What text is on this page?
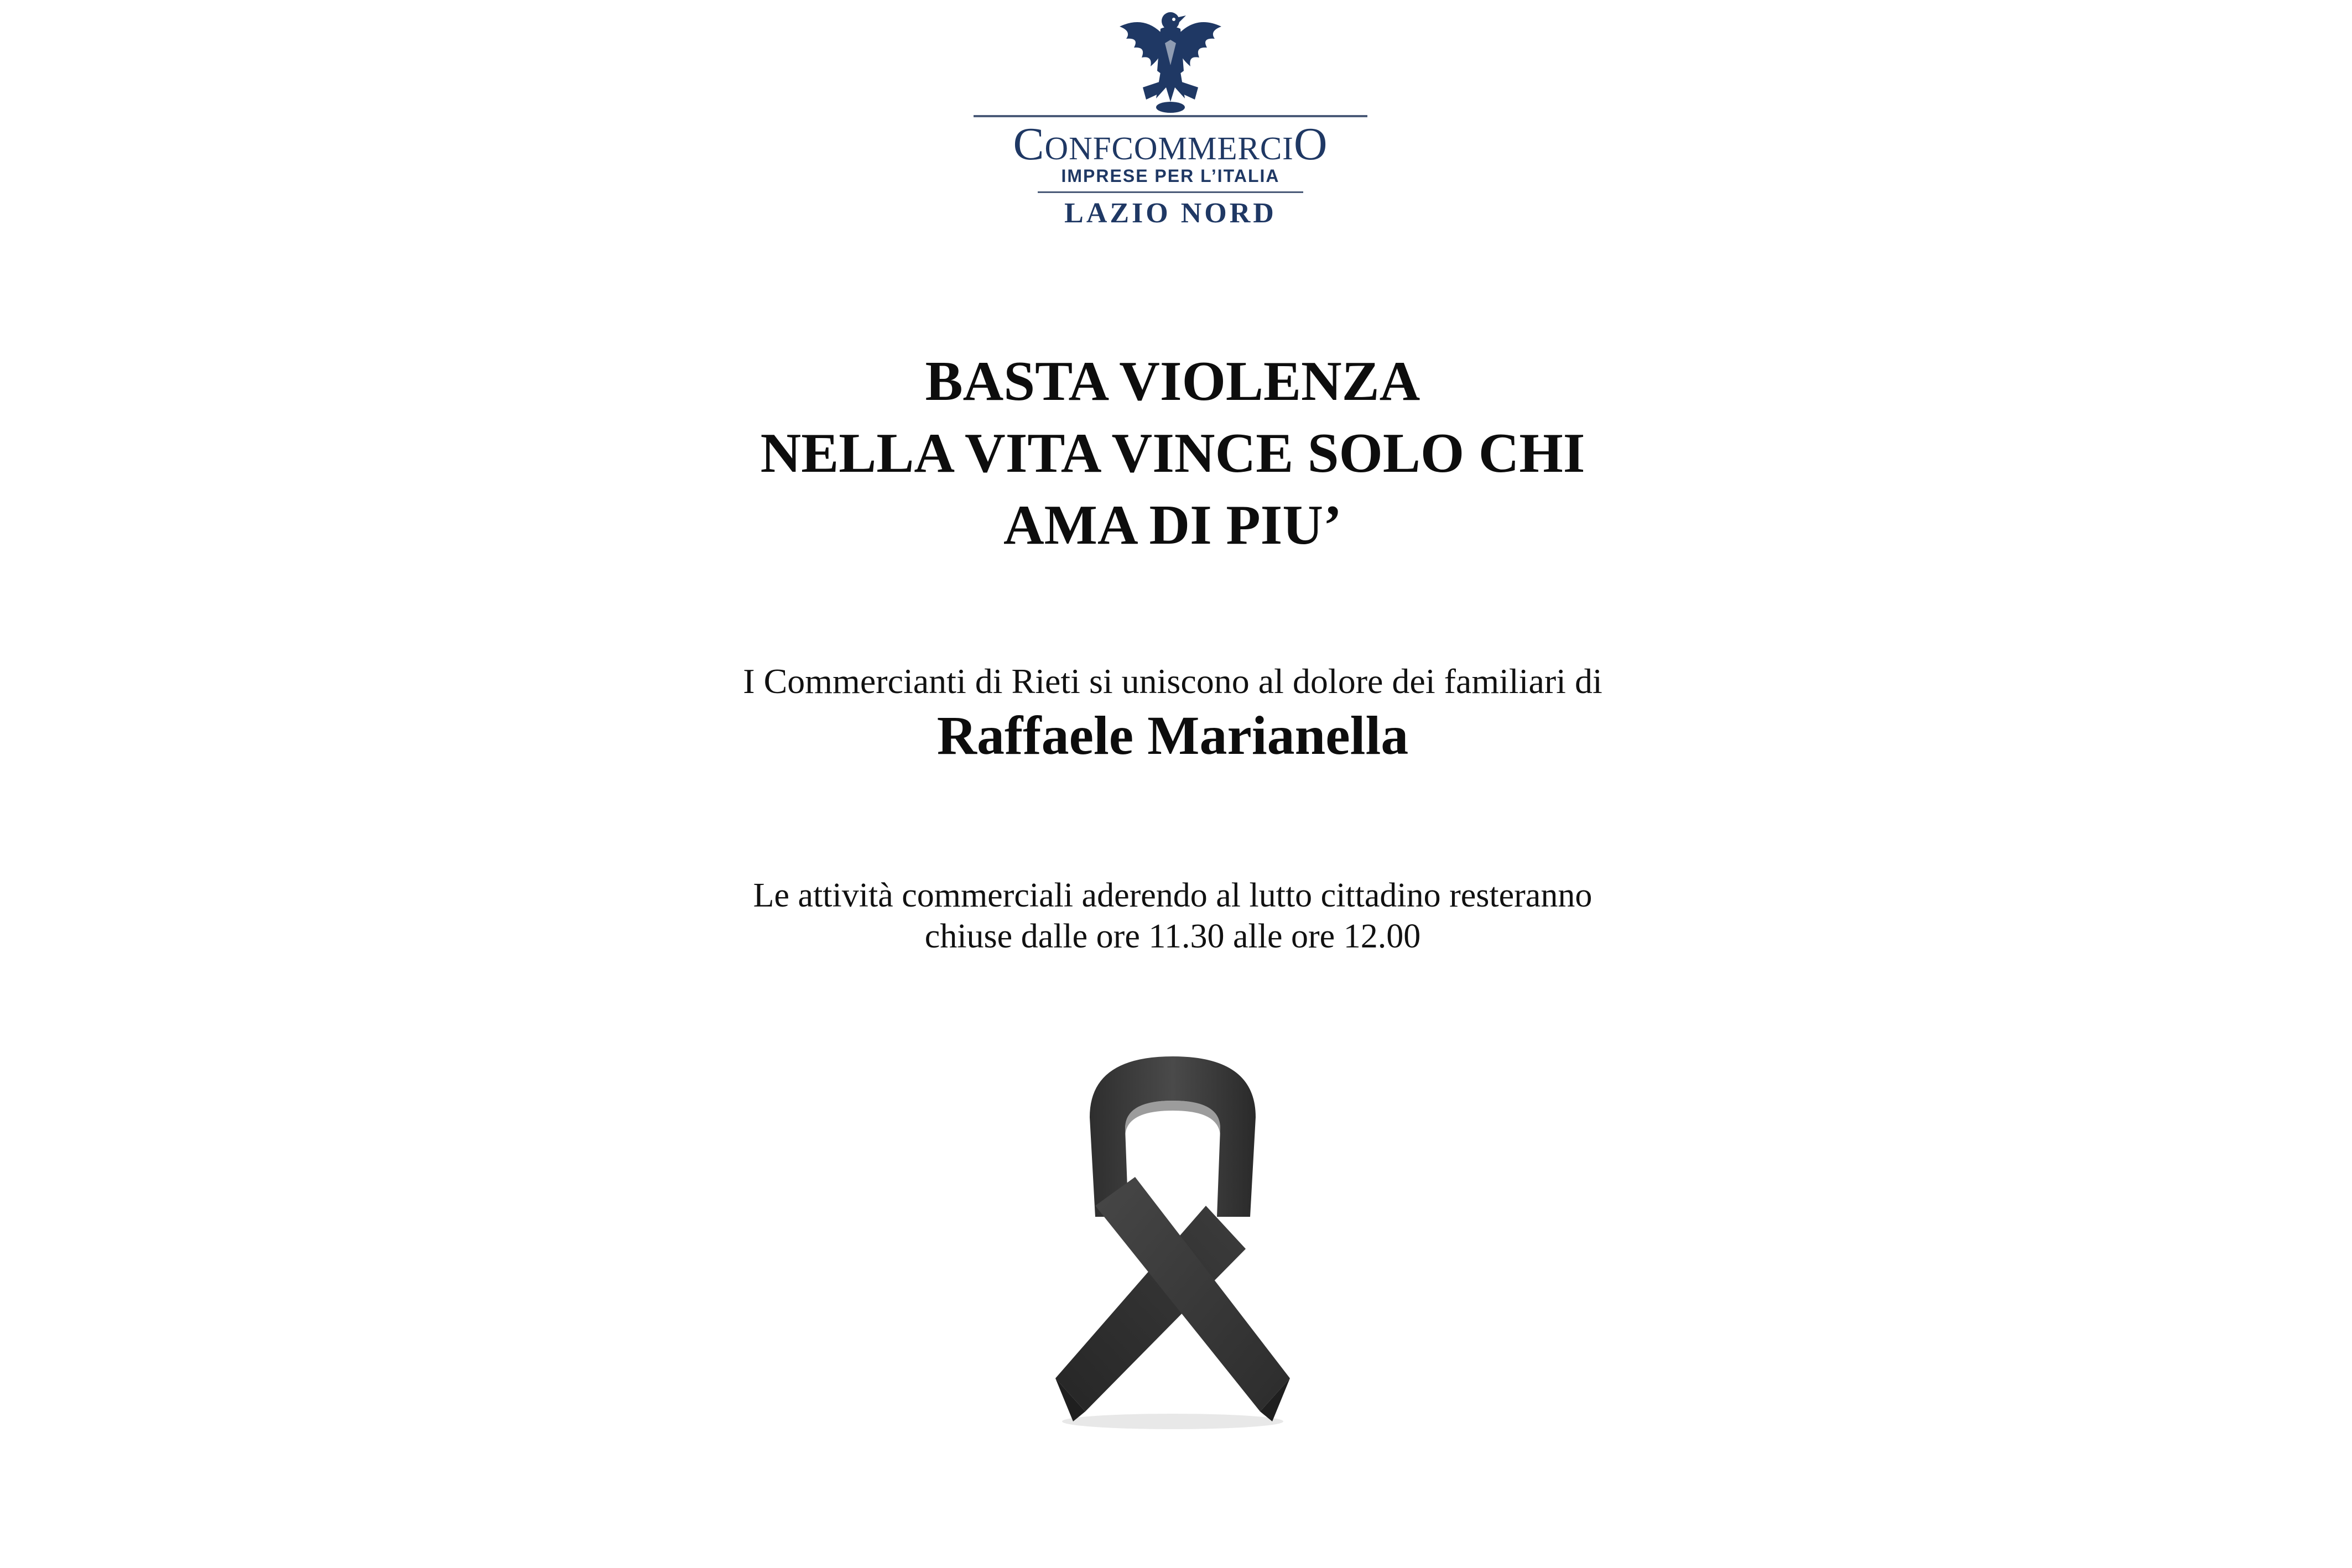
ConfcommerciO
IMPRESE PER L’ITALIA
LAZIO NORD
BASTA VIOLENZA
NELLA VITA VINCE SOLO CHI
AMA DI PIU’
I Commercianti di Rieti si uniscono al dolore dei familiari di
Raffaele Marianella
Le attività commerciali aderendo al lutto cittadino resteranno
chiuse dalle ore 11.30 alle ore 12.00
